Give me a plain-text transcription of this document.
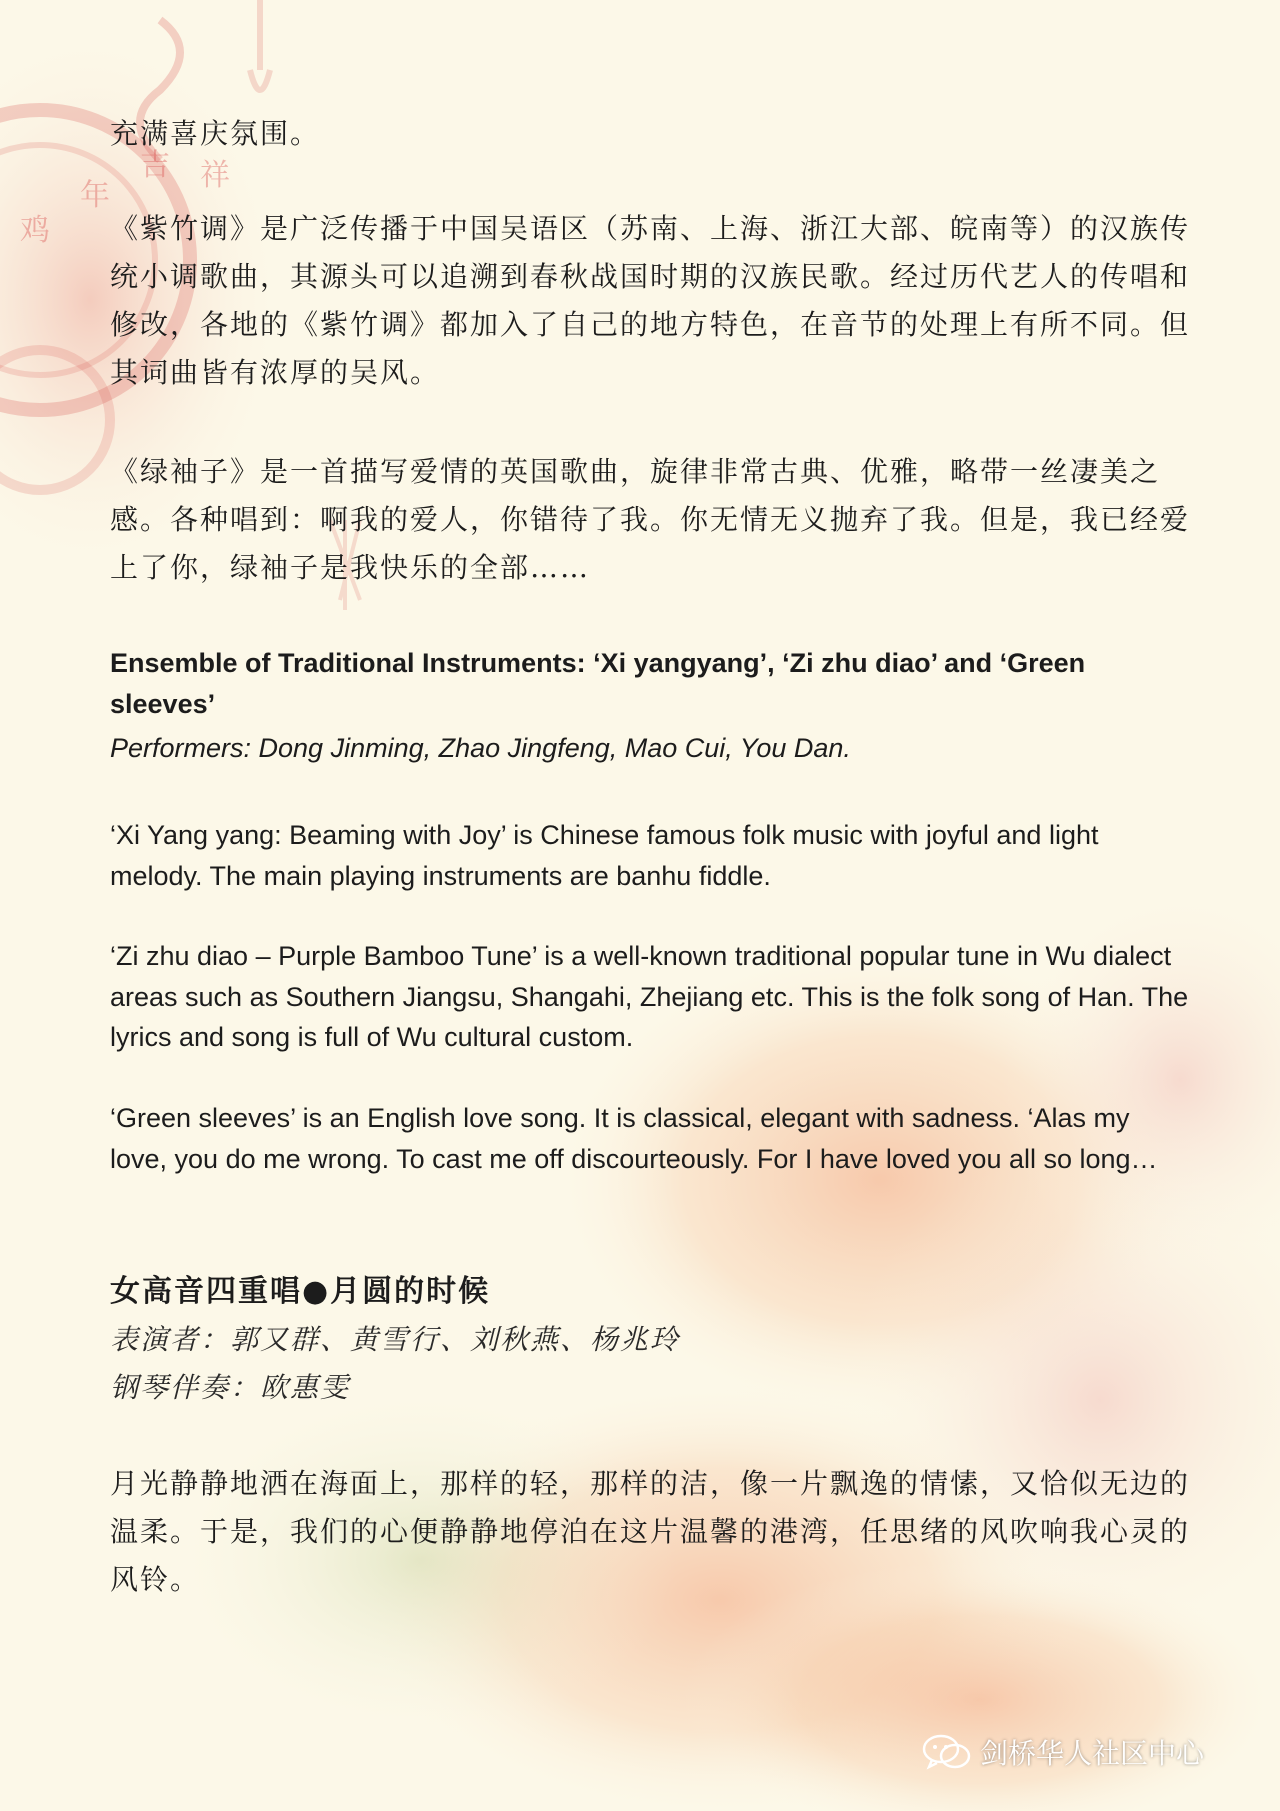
年
吉 祥
鸡

充满喜庆氛围。

《紫竹调》是广泛传播于中国吴语区（苏南、上海、浙江大部、皖南等）的汉族传统小调歌曲，其源头可以追溯到春秋战国时期的汉族民歌。经过历代艺人的传唱和修改，各地的《紫竹调》都加入了自己的地方特色，在音节的处理上有所不同。但其词曲皆有浓厚的吴风。

《绿袖子》是一首描写爱情的英国歌曲，旋律非常古典、优雅，略带一丝凄美之感。各种唱到：啊我的爱人，你错待了我。你无情无义抛弃了我。但是，我已经爱上了你，绿袖子是我快乐的全部……

Ensemble of Traditional Instruments: ‘Xi yangyang’, ‘Zi zhu diao’ and ‘Green sleeves’

Performers: Dong Jinming, Zhao Jingfeng, Mao Cui, You Dan.

‘Xi Yang yang: Beaming with Joy’ is Chinese famous folk music with joyful and light melody. The main playing instruments are banhu fiddle.

‘Zi zhu diao – Purple Bamboo Tune’ is a well-known traditional popular tune in Wu dialect areas such as Southern Jiangsu, Shangahi, Zhejiang etc. This is the folk song of Han. The lyrics and song is full of Wu cultural custom.

‘Green sleeves’ is an English love song. It is classical, elegant with sadness. ‘Alas my love, you do me wrong. To cast me off discourteously. For I have loved you all so long…

女高音四重唱●月圆的时候

表演者：郭又群、黄雪行、刘秋燕、杨兆玲

钢琴伴奏：欧惠雯

月光静静地洒在海面上，那样的轻，那样的洁，像一片飘逸的情愫，又恰似无边的温柔。于是，我们的心便静静地停泊在这片温馨的港湾，任思绪的风吹响我心灵的风铃。

剑桥华人社区中心
